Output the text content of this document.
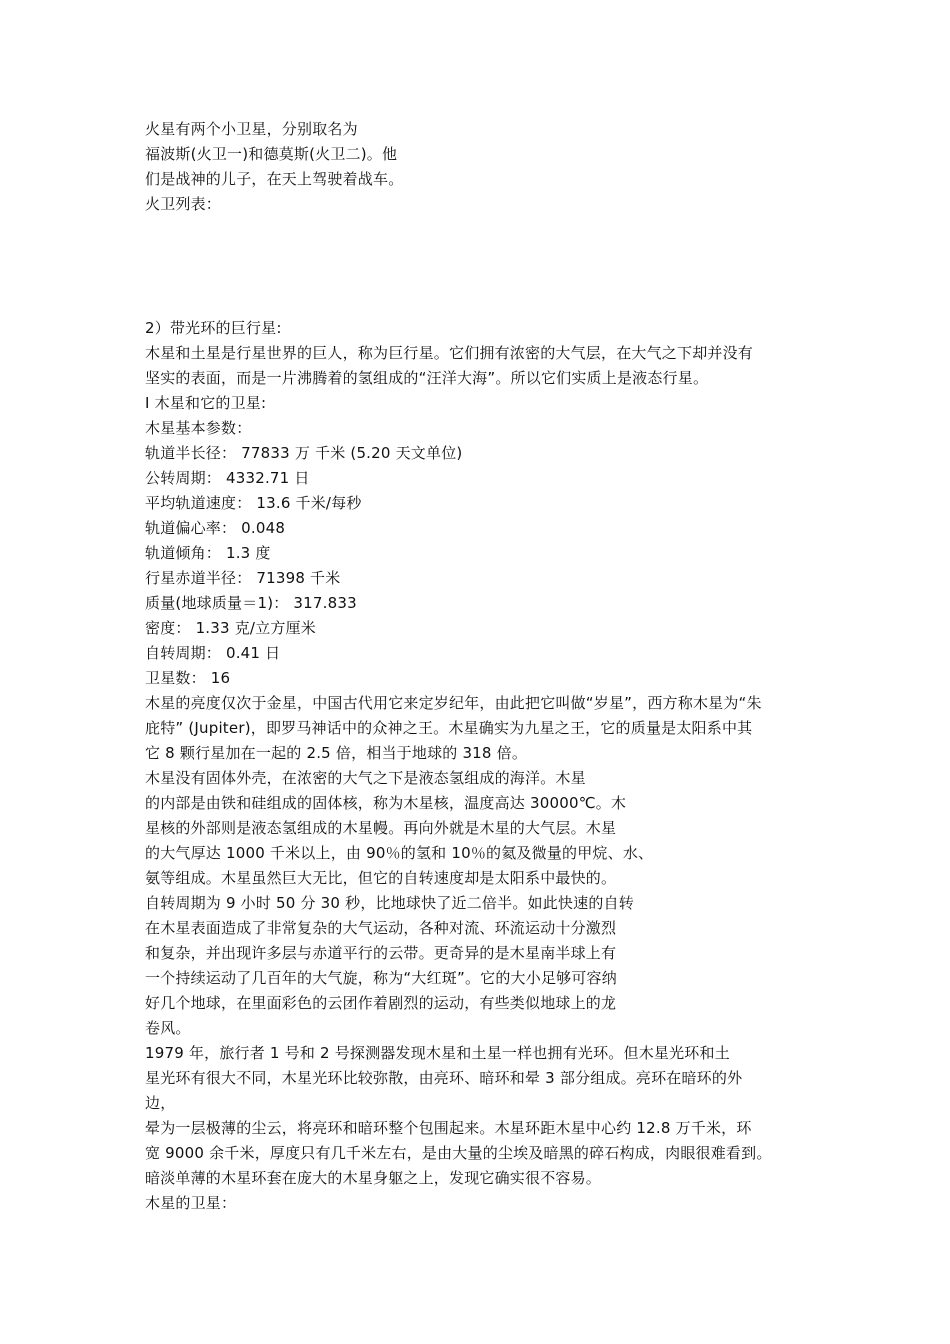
火星有两个小卫星，分别取名为
福波斯(火卫一)和德莫斯(火卫二)。他
们是战神的儿子，在天上驾驶着战车。
火卫列表：
2）带光环的巨行星:
木星和土星是行星世界的巨人，称为巨行星。它们拥有浓密的大气层，在大气之下却并没有
坚实的表面，而是一片沸腾着的氢组成的“汪洋大海”。所以它们实质上是液态行星。
Ⅰ 木星和它的卫星:
木星基本参数：
轨道半长径： 77833 万 千米 (5.20 天文单位)
公转周期： 4332.71 日
平均轨道速度： 13.6 千米/每秒
轨道偏心率： 0.048
轨道倾角： 1.3 度
行星赤道半径： 71398 千米
质量(地球质量＝1)： 317.833
密度： 1.33 克/立方厘米
自转周期： 0.41 日
卫星数： 16
木星的亮度仅次于金星，中国古代用它来定岁纪年，由此把它叫做“岁星”，西方称木星为“朱
庇特” (Jupiter)，即罗马神话中的众神之王。木星确实为九星之王，它的质量是太阳系中其
它 8 颗行星加在一起的 2.5 倍，相当于地球的 318 倍。
木星没有固体外壳，在浓密的大气之下是液态氢组成的海洋。木星
的内部是由铁和硅组成的固体核，称为木星核，温度高达 30000℃。木
星核的外部则是液态氢组成的木星幔。再向外就是木星的大气层。木星
的大气厚达 1000 千米以上，由 90％的氢和 10％的氦及微量的甲烷、水、
氨等组成。木星虽然巨大无比，但它的自转速度却是太阳系中最快的。
自转周期为 9 小时 50 分 30 秒，比地球快了近二倍半。如此快速的自转
在木星表面造成了非常复杂的大气运动，各种对流、环流运动十分激烈
和复杂，并出现许多层与赤道平行的云带。更奇异的是木星南半球上有
一个持续运动了几百年的大气旋，称为“大红斑”。它的大小足够可容纳
好几个地球，在里面彩色的云团作着剧烈的运动，有些类似地球上的龙
卷风。
1979 年，旅行者 1 号和 2 号探测器发现木星和土星一样也拥有光环。但木星光环和土
星光环有很大不同，木星光环比较弥散，由亮环、暗环和晕 3 部分组成。亮环在暗环的外
边，
晕为一层极薄的尘云，将亮环和暗环整个包围起来。木星环距木星中心约 12.8 万千米，环
宽 9000 余千米，厚度只有几千米左右，是由大量的尘埃及暗黑的碎石构成，肉眼很难看到。
暗淡单薄的木星环套在庞大的木星身躯之上，发现它确实很不容易。
木星的卫星：
